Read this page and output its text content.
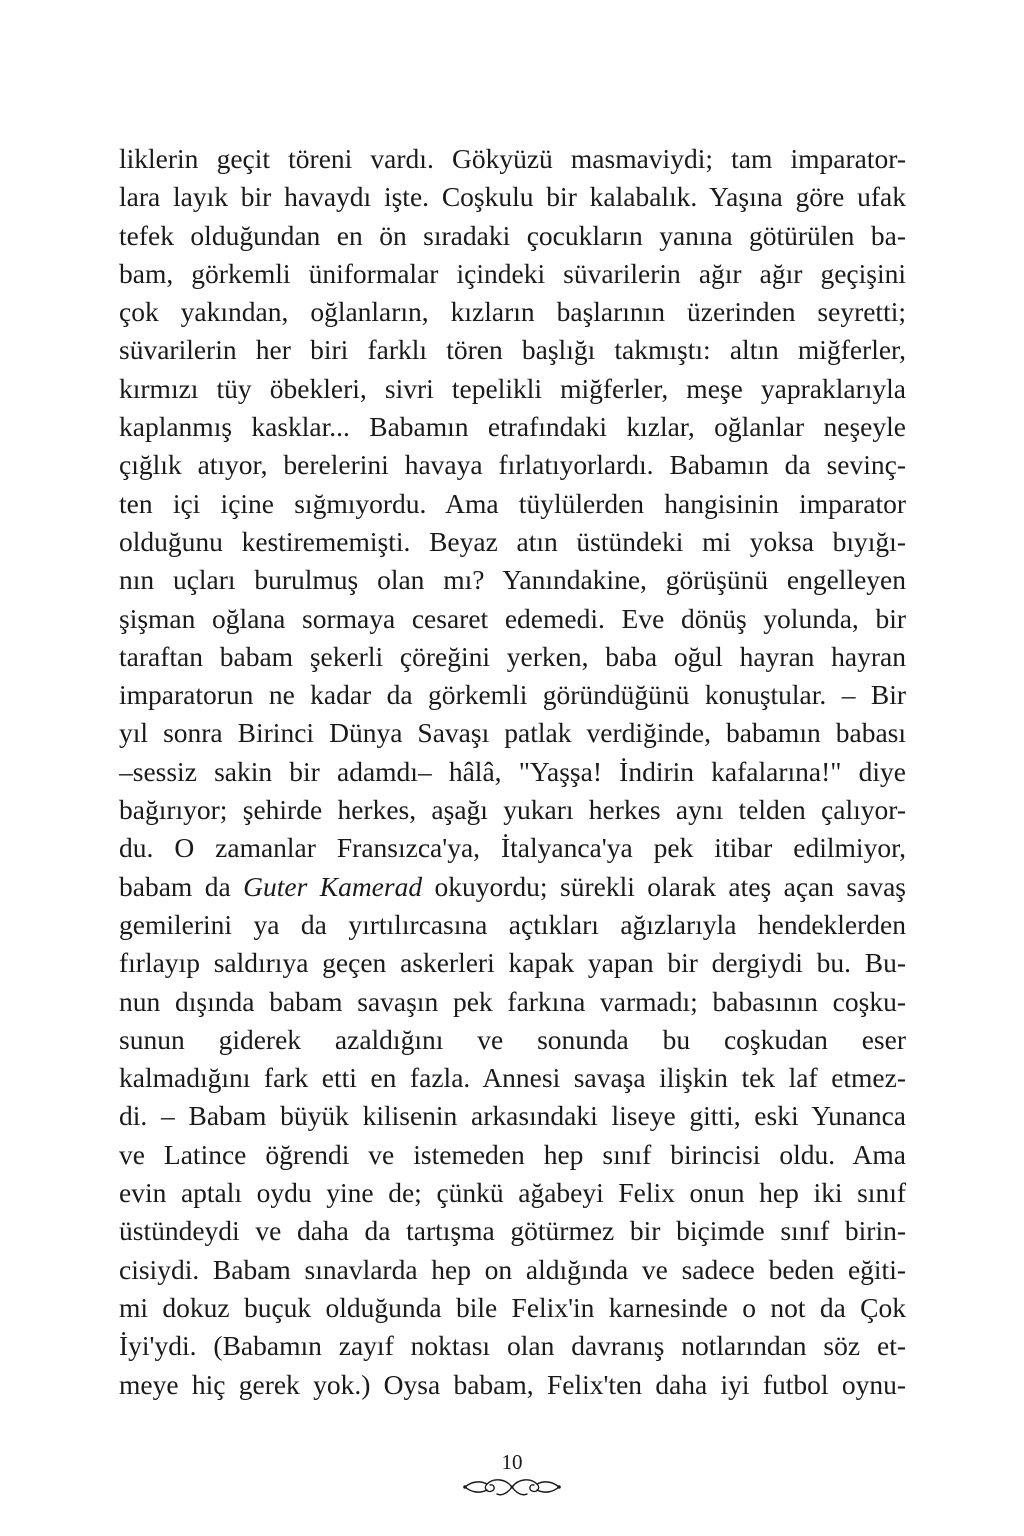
liklerin geçit töreni vardı. Gökyüzü masmaviydi; tam imparator-
lara layık bir havaydı işte. Coşkulu bir kalabalık. Yaşına göre ufak
tefek olduğundan en ön sıradaki çocukların yanına götürülen ba-
bam, görkemli üniformalar içindeki süvarilerin ağır ağır geçişini
çok yakından, oğlanların, kızların başlarının üzerinden seyretti;
süvarilerin her biri farklı tören başlığı takmıştı: altın miğferler,
kırmızı tüy öbekleri, sivri tepelikli miğferler, meşe yapraklarıyla
kaplanmış kasklar... Babamın etrafındaki kızlar, oğlanlar neşeyle
çığlık atıyor, berelerini havaya fırlatıyorlardı. Babamın da sevinç-
ten içi içine sığmıyordu. Ama tüylülerden hangisinin imparator
olduğunu kestirememişti. Beyaz atın üstündeki mi yoksa bıyığı-
nın uçları burulmuş olan mı? Yanındakine, görüşünü engelleyen
şişman oğlana sormaya cesaret edemedi. Eve dönüş yolunda, bir
taraftan babam şekerli çöreğini yerken, baba oğul hayran hayran
imparatorun ne kadar da görkemli göründüğünü konuştular. – Bir
yıl sonra Birinci Dünya Savaşı patlak verdiğinde, babamın babası
–sessiz sakin bir adamdı– hâlâ, "Yaşşa! İndirin kafalarına!" diye
bağırıyor; şehirde herkes, aşağı yukarı herkes aynı telden çalıyor-
du. O zamanlar Fransızca'ya, İtalyanca'ya pek itibar edilmiyor,
babam da Guter Kamerad okuyordu; sürekli olarak ateş açan savaş
gemilerini ya da yırtılırcasına açtıkları ağızlarıyla hendeklerden
fırlayıp saldırıya geçen askerleri kapak yapan bir dergiydi bu. Bu-
nun dışında babam savaşın pek farkına varmadı; babasının coşku-
sunun giderek azaldığını ve sonunda bu coşkudan eser
kalmadığını fark etti en fazla. Annesi savaşa ilişkin tek laf etmez-
di. – Babam büyük kilisenin arkasındaki liseye gitti, eski Yunanca
ve Latince öğrendi ve istemeden hep sınıf birincisi oldu. Ama
evin aptalı oydu yine de; çünkü ağabeyi Felix onun hep iki sınıf
üstündeydi ve daha da tartışma götürmez bir biçimde sınıf birin-
cisiydi. Babam sınavlarda hep on aldığında ve sadece beden eğiti-
mi dokuz buçuk olduğunda bile Felix'in karnesinde o not da Çok
İyi'ydi. (Babamın zayıf noktası olan davranış notlarından söz et-
meye hiç gerek yok.) Oysa babam, Felix'ten daha iyi futbol oynu-
10
